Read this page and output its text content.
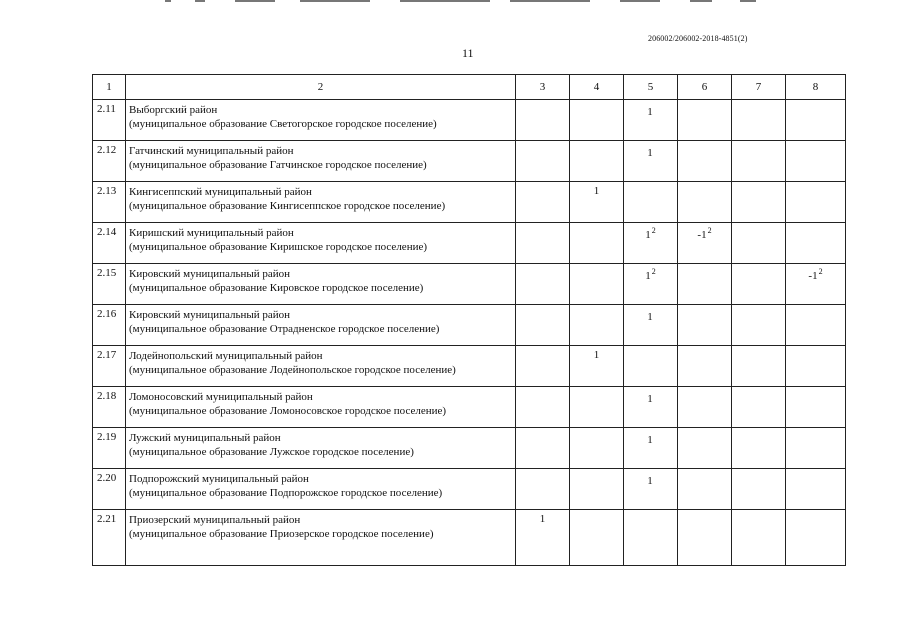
206002/206002-2018-4851(2)
11
1	2	3	4	5	6	7	8
2.11	Выборгский район
(муниципальное образование Светогорское городское поселение)			1			
2.12	Гатчинский муниципальный район
(муниципальное образование Гатчинское городское поселение)			1			
2.13	Кингисеппский муниципальный район
(муниципальное образование Кингисеппское городское поселение)		1				
2.14	Киришский муниципальный район
(муниципальное образование Киришское городское поселение)			$1^2$	$-1^2$		
2.15	Кировский муниципальный район
(муниципальное образование Кировское городское поселение)			$1^2$			$-1^2$
2.16	Кировский муниципальный район
(муниципальное образование Отрадненское городское поселение)			1			
2.17	Лодейнопольский муниципальный район
(муниципальное образование Лодейнопольское городское поселение)		1				
2.18	Ломоносовский муниципальный район
(муниципальное образование Ломоносовское городское поселение)			1			
2.19	Лужский муниципальный район
(муниципальное образование Лужское городское поселение)			1			
2.20	Подпорожский муниципальный район
(муниципальное образование Подпорожское городское поселение)			1			
2.21	Приозерский муниципальный район
(муниципальное образование Приозерское городское поселение)	1					
